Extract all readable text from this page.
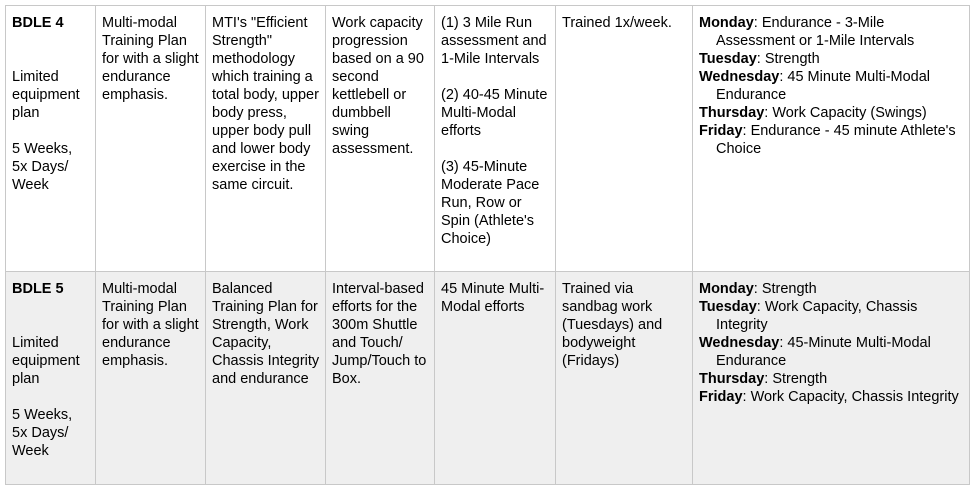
BDLE 4
Limited equipment plan
5 Weeks, 5x Days/ Week	Multi-modal Training Plan for with a slight endurance emphasis.	MTI's "Efficient Strength" methodology which training a total body, upper body press, upper body pull and lower body exercise in the same circuit.	Work capacity progression based on a 90 second kettlebell or dumbbell swing assessment.	(1) 3 Mile Run assessment and 1-Mile Intervals
(2) 40-45 Minute Multi-Modal efforts
(3) 45-Minute Moderate Pace Run, Row or Spin (Athlete's Choice)	Trained 1x/week.	Monday: Endurance - 3-Mile Assessment or 1-Mile Intervals
Tuesday: Strength
Wednesday: 45 Minute Multi-Modal Endurance
Thursday: Work Capacity (Swings)
Friday: Endurance - 45 minute Athlete's Choice

BDLE 5
Limited equipment plan
5 Weeks, 5x Days/ Week	Multi-modal Training Plan for with a slight endurance emphasis.	Balanced Training Plan for Strength, Work Capacity, Chassis Integrity and endurance	Interval-based efforts for the 300m Shuttle and Touch/ Jump/Touch to Box.	45 Minute Multi-Modal efforts	Trained via sandbag work (Tuesdays) and bodyweight (Fridays)	Monday: Strength
Tuesday: Work Capacity, Chassis Integrity
Wednesday: 45-Minute Multi-Modal Endurance
Thursday: Strength
Friday: Work Capacity, Chassis Integrity
